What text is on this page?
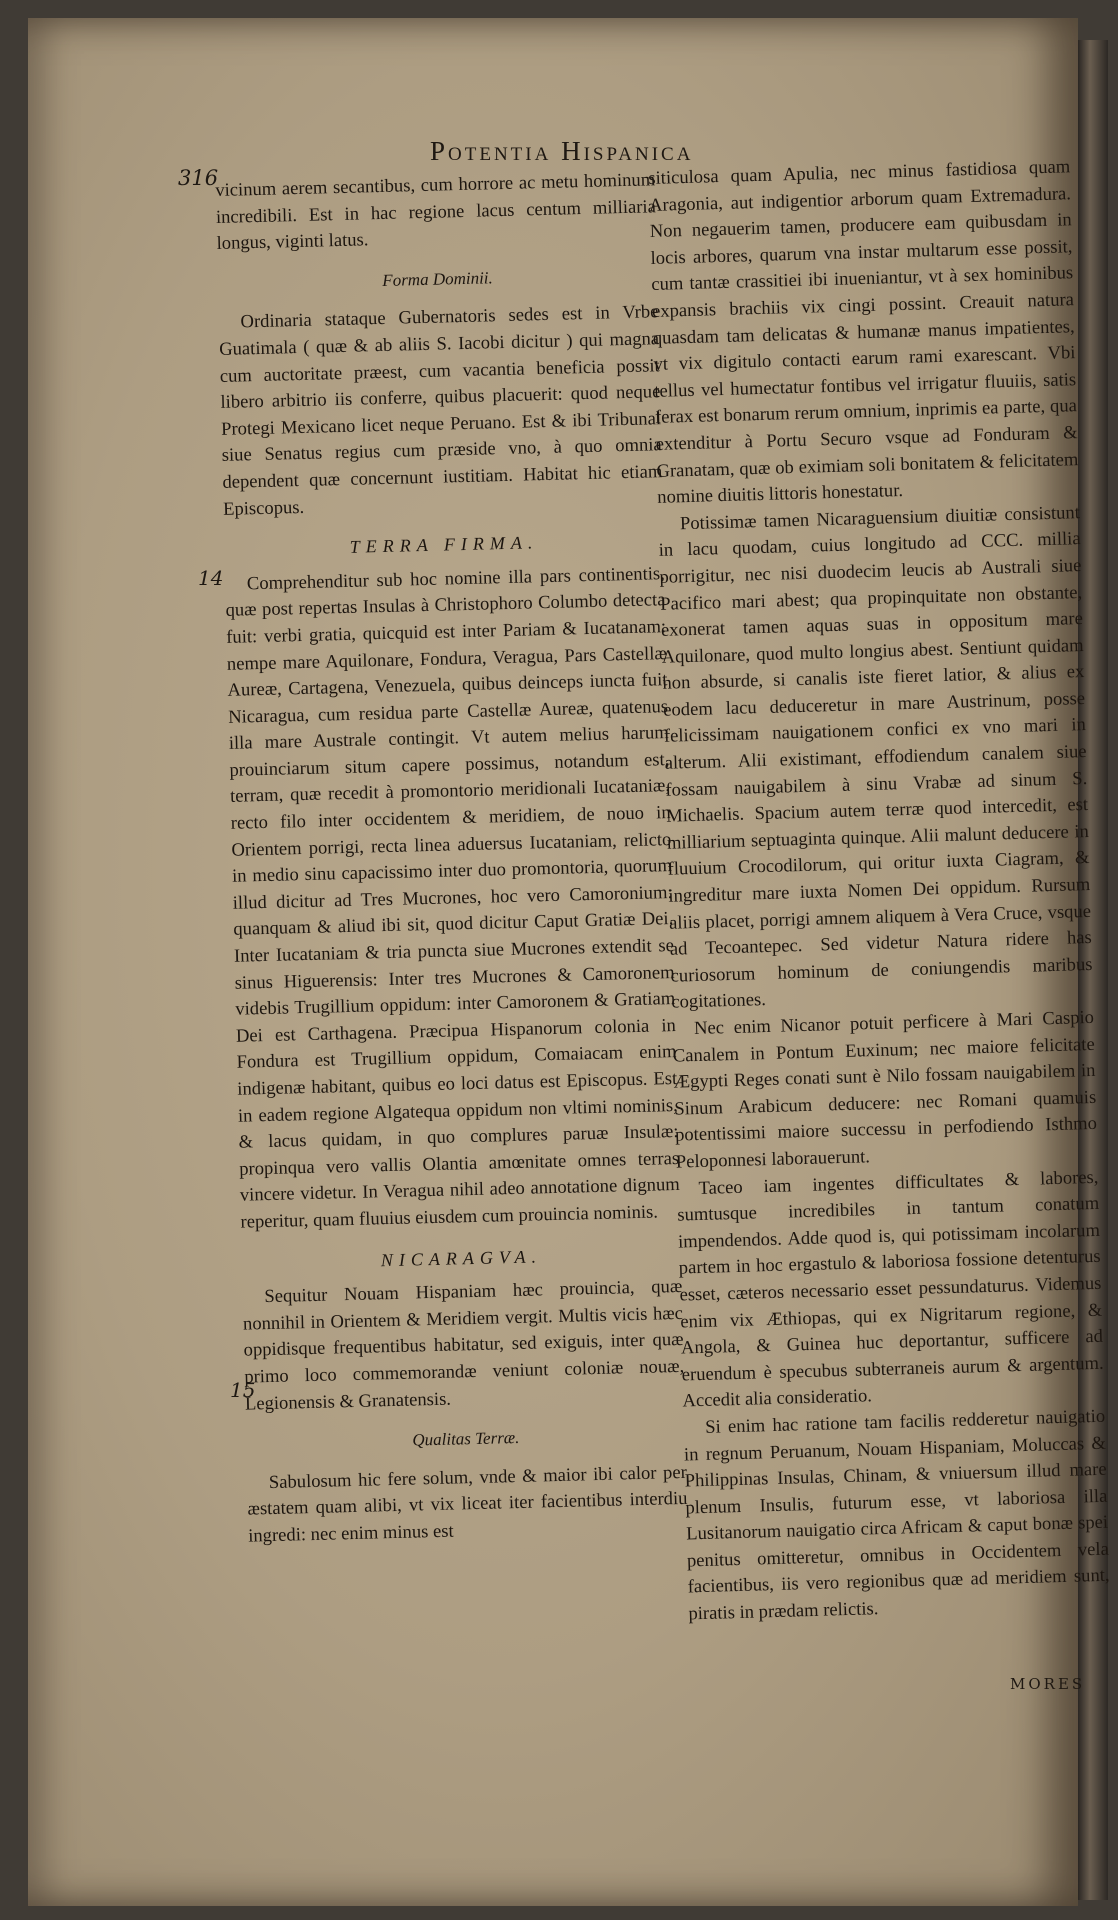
316
Potentia Hispanica
14
15

vicinum aerem secantibus, cum horrore ac metu hominum incredibili. Est in hac regione lacus centum milliaria longus, viginti latus.

Forma Dominii.

Ordinaria stataque Gubernatoris sedes est in Vrbe Guatimala ( quæ & ab aliis S. Iacobi dicitur ) qui magna cum auctoritate præest, cum vacantia beneficia possit libero arbitrio iis conferre, quibus placuerit: quod neque Protegi Mexicano licet neque Peruano. Est & ibi Tribunal siue Senatus regius cum præside vno, à quo omnia dependent quæ concernunt iustitiam. Habitat hic etiam Episcopus.

TERRA FIRMA.

Comprehenditur sub hoc nomine illa pars continentis, quæ post repertas Insulas à Christophoro Columbo detecta fuit: verbi gratia, quicquid est inter Pariam & Iucatanam: nempe mare Aquilonare, Fondura, Veragua, Pars Castellæ Aureæ, Cartagena, Venezuela, quibus deinceps iuncta fuit Nicaragua, cum residua parte Castellæ Aureæ, quatenus illa mare Australe contingit. Vt autem melius harum prouinciarum situm capere possimus, notandum est, terram, quæ recedit à promontorio meridionali Iucataniæ, recto filo inter occidentem & meridiem, de nouo in Orientem porrigi, recta linea aduersus Iucataniam, relicto in medio sinu capacissimo inter duo promontoria, quorum illud dicitur ad Tres Mucrones, hoc vero Camoronium: quanquam & aliud ibi sit, quod dicitur Caput Gratiæ Dei. Inter Iucataniam & tria puncta siue Mucrones extendit se sinus Higuerensis: Inter tres Mucrones & Camoronem videbis Trugillium oppidum: inter Camoronem & Gratiam Dei est Carthagena. Præcipua Hispanorum colonia in Fondura est Trugillium oppidum, Comaiacam enim indigenæ habitant, quibus eo loci datus est Episcopus. Est in eadem regione Algatequa oppidum non vltimi nominis, & lacus quidam, in quo complures paruæ Insulæ: propinqua vero vallis Olantia amœnitate omnes terras vincere videtur. In Veragua nihil adeo annotatione dignum reperitur, quam fluuius eiusdem cum prouincia nominis.

NICARAGVA.

Sequitur Nouam Hispaniam hæc prouincia, quæ nonnihil in Orientem & Meridiem vergit. Multis vicis hæc oppidisque frequentibus habitatur, sed exiguis, inter quæ primo loco commemorandæ veniunt coloniæ nouæ, Legionensis & Granatensis.

Qualitas Terræ.

Sabulosum hic fere solum, vnde & maior ibi calor per æstatem quam alibi, vt vix liceat iter facientibus interdiu ingredi: nec enim minus est

siticulosa quam Apulia, nec minus fastidiosa quam Aragonia, aut indigentior arborum quam Extremadura. Non negauerim tamen, producere eam quibusdam in locis arbores, quarum vna instar multarum esse possit, cum tantæ crassitiei ibi inueniantur, vt à sex hominibus expansis brachiis vix cingi possint. Creauit natura quasdam tam delicatas & humanæ manus impatientes, vt vix digitulo contacti earum rami exarescant. Vbi tellus vel humectatur fontibus vel irrigatur fluuiis, satis ferax est bonarum rerum omnium, inprimis ea parte, qua extenditur à Portu Securo vsque ad Fonduram & Granatam, quæ ob eximiam soli bonitatem & felicitatem nomine diuitis littoris honestatur.

Potissimæ tamen Nicaraguensium diuitiæ consistunt in lacu quodam, cuius longitudo ad CCC. millia porrigitur, nec nisi duodecim leucis ab Australi siue Pacifico mari abest; qua propinquitate non obstante, exonerat tamen aquas suas in oppositum mare Aquilonare, quod multo longius abest. Sentiunt quidam non absurde, si canalis iste fieret latior, & alius ex eodem lacu deduceretur in mare Austrinum, posse felicissimam nauigationem confici ex vno mari in alterum. Alii existimant, effodiendum canalem siue fossam nauigabilem à sinu Vrabæ ad sinum S. Michaelis. Spacium autem terræ quod intercedit, est milliarium septuaginta quinque. Alii malunt deducere in fluuium Crocodilorum, qui oritur iuxta Ciagram, & ingreditur mare iuxta Nomen Dei oppidum. Rursum aliis placet, porrigi amnem aliquem à Vera Cruce, vsque ad Tecoantepec. Sed videtur Natura ridere has curiosorum hominum de coniungendis maribus cogitationes.

Nec enim Nicanor potuit perficere à Mari Caspio Canalem in Pontum Euxinum; nec maiore felicitate Ægypti Reges conati sunt è Nilo fossam nauigabilem in Sinum Arabicum deducere: nec Romani quamuis potentissimi maiore successu in perfodiendo Isthmo Peloponnesi laborauerunt.

Taceo iam ingentes difficultates & labores, sumtusque incredibiles in tantum conatum impendendos. Adde quod is, qui potissimam incolarum partem in hoc ergastulo & laboriosa fossione detenturus esset, cæteros necessario esset pessundaturus. Videmus enim vix Æthiopas, qui ex Nigritarum regione, & Angola, & Guinea huc deportantur, sufficere ad eruendum è specubus subterraneis aurum & argentum. Accedit alia consideratio.

Si enim hac ratione tam facilis redderetur nauigatio in regnum Peruanum, Nouam Hispaniam, Moluccas & Philippinas Insulas, Chinam, & vniuersum illud mare plenum Insulis, futurum esse, vt laboriosa illa Lusitanorum nauigatio circa Africam & caput bonæ spei penitus omitteretur, omnibus in Occidentem vela facientibus, iis vero regionibus quæ ad meridiem sunt, piratis in prædam relictis.

MORES
